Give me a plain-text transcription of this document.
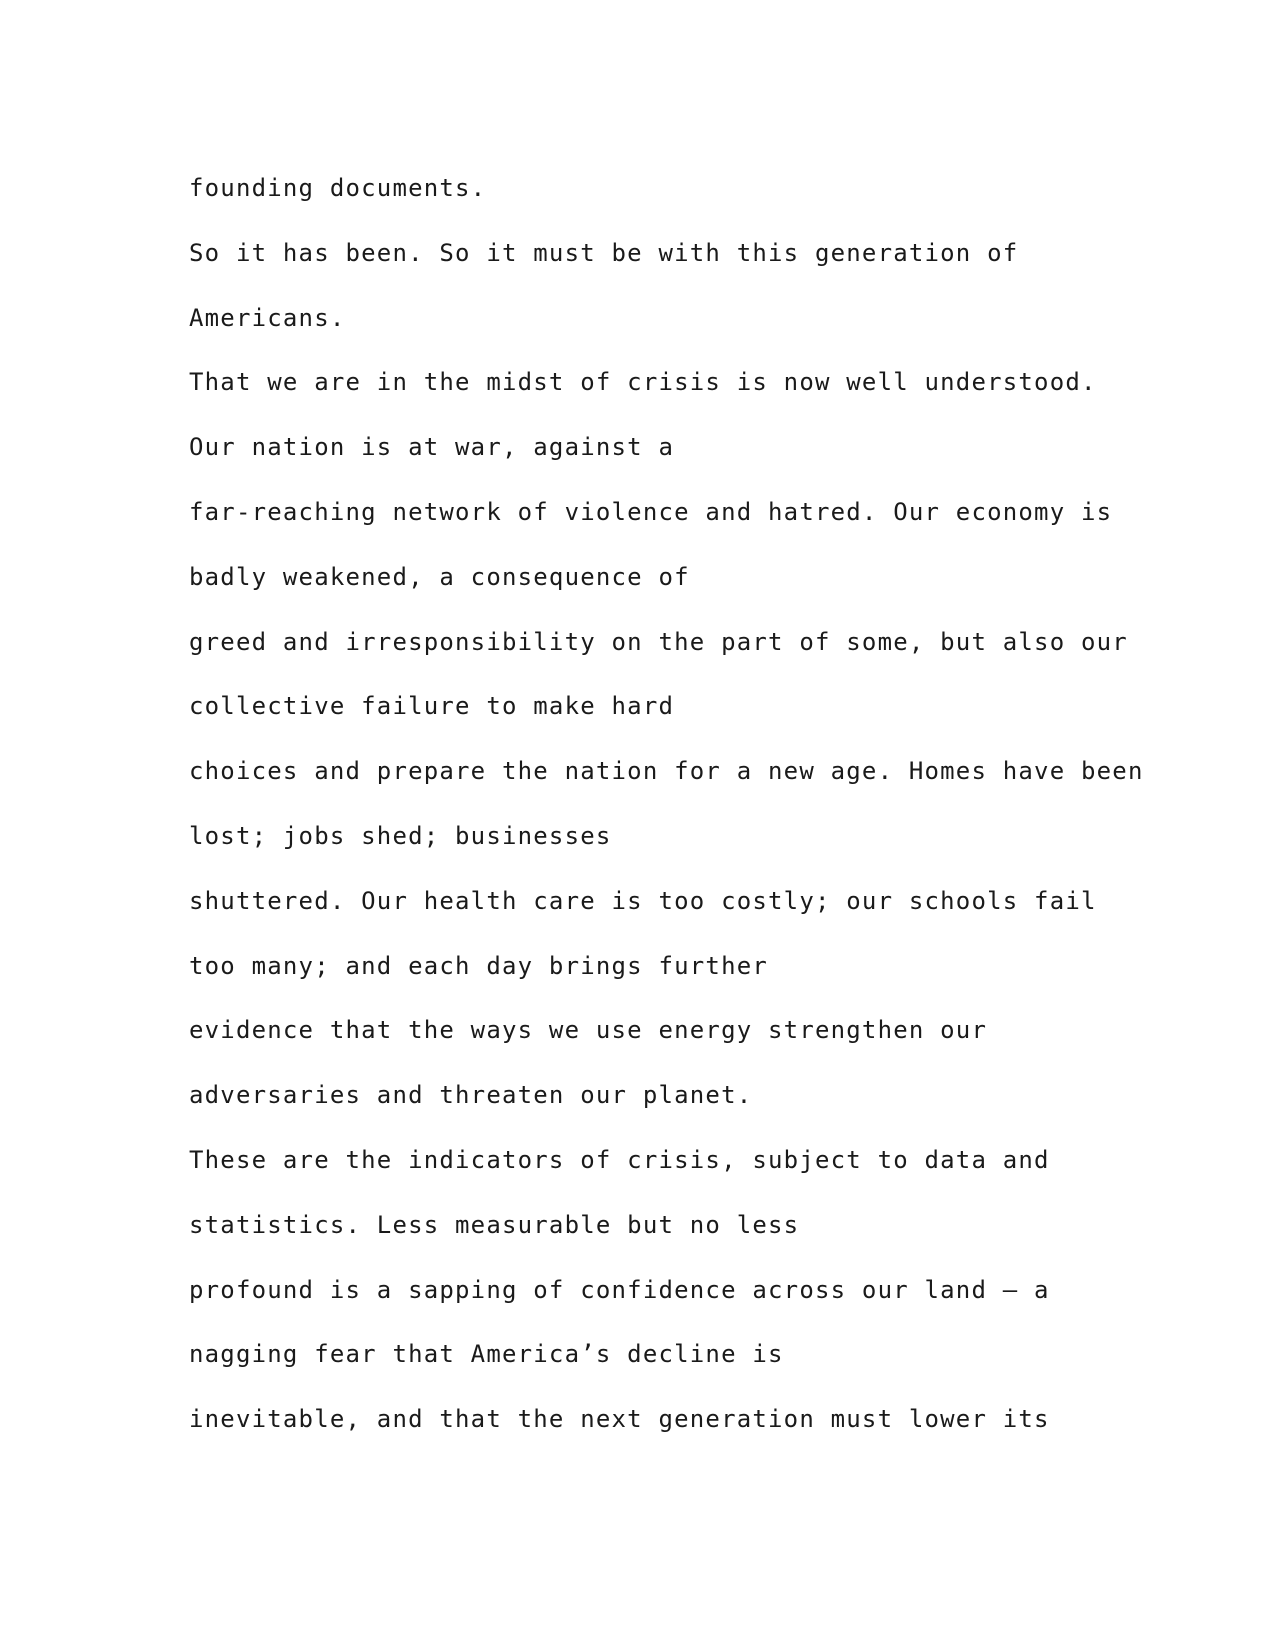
founding documents.
So it has been. So it must be with this generation of
Americans.
That we are in the midst of crisis is now well understood.
Our nation is at war, against a
far-reaching network of violence and hatred. Our economy is
badly weakened, a consequence of
greed and irresponsibility on the part of some, but also our
collective failure to make hard
choices and prepare the nation for a new age. Homes have been
lost; jobs shed; businesses
shuttered. Our health care is too costly; our schools fail
too many; and each day brings further
evidence that the ways we use energy strengthen our
adversaries and threaten our planet.
These are the indicators of crisis, subject to data and
statistics. Less measurable but no less
profound is a sapping of confidence across our land – a
nagging fear that America’s decline is
inevitable, and that the next generation must lower its
